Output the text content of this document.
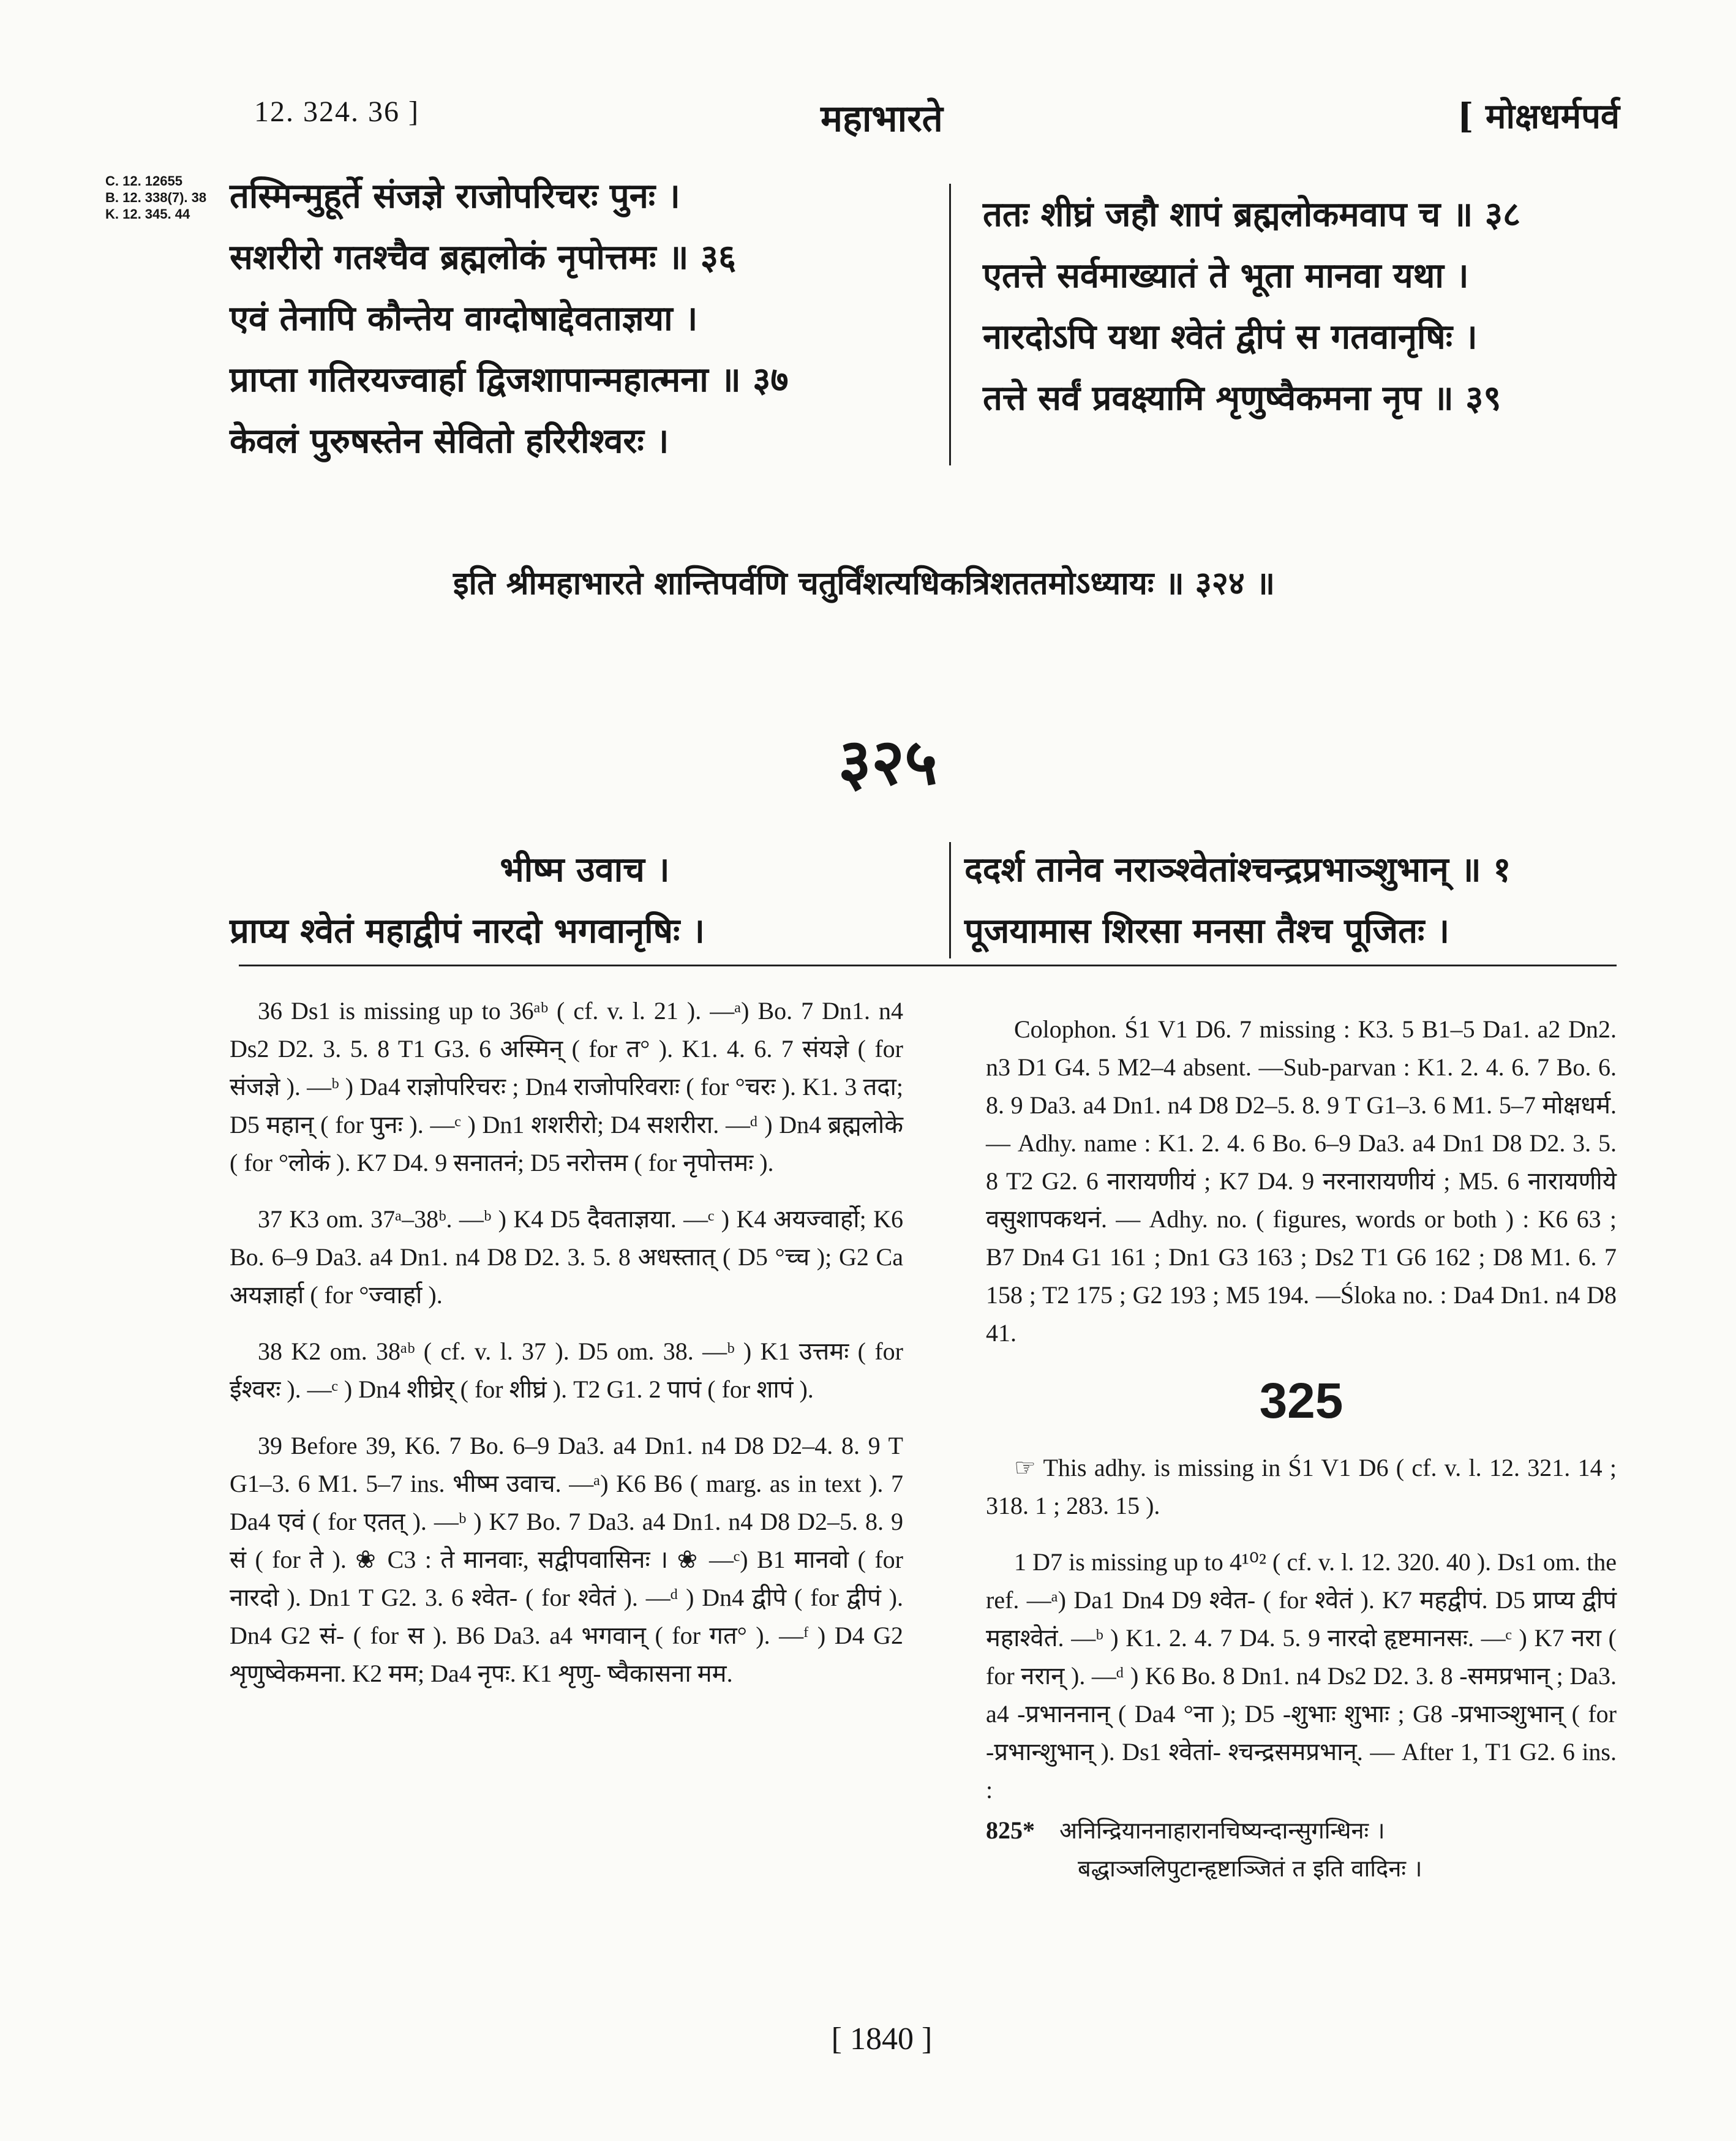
12. 324. 36 ]	महाभारते	[ मोक्षधर्मपर्व
C. 12. 12655
B. 12. 338(7). 38
K. 12. 345. 44	तस्मिन्मुहूर्ते संजज्ञे राजोपरिचरः पुनः ।
सशरीरो गतश्चैव ब्रह्मलोकं नृपोत्तमः ॥ ३६
एवं तेनापि कौन्तेय वाग्दोषाद्देवताज्ञया ।
प्राप्ता गतिरयज्वार्हा द्विजशापान्महात्मना ॥ ३७
केवलं पुरुषस्तेन सेवितो हरिरीश्वरः ।
ततः शीघ्रं जहौ शापं ब्रह्मलोकमवाप च ॥ ३८
एतत्ते सर्वमाख्यातं ते भूता मानवा यथा ।
नारदोऽपि यथा श्वेतं द्वीपं स गतवानृषिः ।
तत्ते सर्वं प्रवक्ष्यामि शृणुष्वैकमना नृप ॥ ३९
इति श्रीमहाभारते शान्तिपर्वणि चतुर्विंशत्यधिकत्रिशततमोऽध्यायः ॥ ३२४ ॥
३२५
भीष्म उवाच ।
प्राप्य श्वेतं महाद्वीपं नारदो भगवानृषिः ।
ददर्श तानेव नराञ्श्वेतांश्चन्द्रप्रभाञ्शुभान् ॥ १
पूजयामास शिरसा मनसा तैश्च पूजितः ।

36 Ds1 is missing up to 36ᵃᵇ ( cf. v. l. 21 ). —ᵃ) Bo. 7 Dn1. n4 Ds2 D2. 3. 5. 8 T1 G3. 6 अस्मिन् ( for त° ). K1. 4. 6. 7 संयज्ञे ( for संजज्ञे ). —ᵇ ) Da4 राज्ञोपरिचरः ; Dn4 राजोपरिवराः ( for °चरः ). K1. 3 तदा; D5 महान् ( for पुनः ). —ᶜ ) Dn1 शशरीरो; D4 सशरीरा. —ᵈ ) Dn4 ब्रह्मलोके ( for °लोकं ). K7 D4. 9 सनातनं; D5 नरोत्तम ( for नृपोत्तमः ).

37 K3 om. 37ᵃ–38ᵇ. —ᵇ ) K4 D5 दैवताज्ञया. —ᶜ ) K4 अयज्वार्हो; K6 Bo. 6–9 Da3. a4 Dn1. n4 D8 D2. 3. 5. 8 अधस्तात् ( D5 °च्च ); G2 Ca अयज्ञार्हा ( for °ज्वार्हा ).

38 K2 om. 38ᵃᵇ ( cf. v. l. 37 ). D5 om. 38. —ᵇ ) K1 उत्तमः ( for ईश्वरः ). —ᶜ ) Dn4 शीघ्रेर् ( for शीघ्रं ). T2 G1. 2 पापं ( for शापं ).

39 Before 39, K6. 7 Bo. 6–9 Da3. a4 Dn1. n4 D8 D2–4. 8. 9 T G1–3. 6 M1. 5–7 ins. भीष्म उवाच. —ᵃ) K6 B6 ( marg. as in text ). 7 Da4 एवं ( for एतत् ). —ᵇ ) K7 Bo. 7 Da3. a4 Dn1. n4 D8 D2–5. 8. 9 सं ( for ते ). ❀ C3 : ते मानवाः, सद्वीपवासिनः । ❀ —ᶜ) B1 मानवो ( for नारदो ). Dn1 T G2. 3. 6 श्वेत- ( for श्वेतं ). —ᵈ ) Dn4 द्वीपे ( for द्वीपं ). Dn4 G2 सं- ( for स ). B6 Da3. a4 भगवान् ( for गत° ). —ᶠ ) D4 G2 शृणुष्वेकमना. K2 मम; Da4 नृपः. K1 शृणु- ष्वैकासना मम.

Colophon. Ś1 V1 D6. 7 missing : K3. 5 B1–5 Da1. a2 Dn2. n3 D1 G4. 5 M2–4 absent. —Sub-parvan : K1. 2. 4. 6. 7 Bo. 6. 8. 9 Da3. a4 Dn1. n4 D8 D2–5. 8. 9 T G1–3. 6 M1. 5–7 मोक्षधर्म. — Adhy. name : K1. 2. 4. 6 Bo. 6–9 Da3. a4 Dn1 D8 D2. 3. 5. 8 T2 G2. 6 नारायणीयं ; K7 D4. 9 नरनारायणीयं ; M5. 6 नारायणीये वसुशापकथनं. — Adhy. no. ( figures, words or both ) : K6 63 ; B7 Dn4 G1 161 ; Dn1 G3 163 ; Ds2 T1 G6 162 ; D8 M1. 6. 7 158 ; T2 175 ; G2 193 ; M5 194. —Śloka no. : Da4 Dn1. n4 D8 41.

325

☞ This adhy. is missing in Ś1 V1 D6 ( cf. v. l. 12. 321. 14 ; 318. 1 ; 283. 15 ).

1 D7 is missing up to 4¹⁰² ( cf. v. l. 12. 320. 40 ). Ds1 om. the ref. —ᵃ) Da1 Dn4 D9 श्वेत- ( for श्वेतं ). K7 महद्वीपं. D5 प्राप्य द्वीपं महाश्वेतं. —ᵇ ) K1. 2. 4. 7 D4. 5. 9 नारदो हृष्टमानसः. —ᶜ ) K7 नरा ( for नरान् ). —ᵈ ) K6 Bo. 8 Dn1. n4 Ds2 D2. 3. 8 -समप्रभान् ; Da3. a4 -प्रभाननान् ( Da4 °ना ); D5 -शुभाः शुभाः ; G8 -प्रभाञ्शुभान् ( for -प्रभान्शुभान् ). Ds1 श्वेतां- श्चन्द्रसमप्रभान्. — After 1, T1 G2. 6 ins. :

825* अनिन्द्रियाननाहारानचिष्यन्दान्सुगन्धिनः ।
बद्धाञ्जलिपुटान्हृष्टाञ्जितं त इति वादिनः ।
[ 1840 ]
